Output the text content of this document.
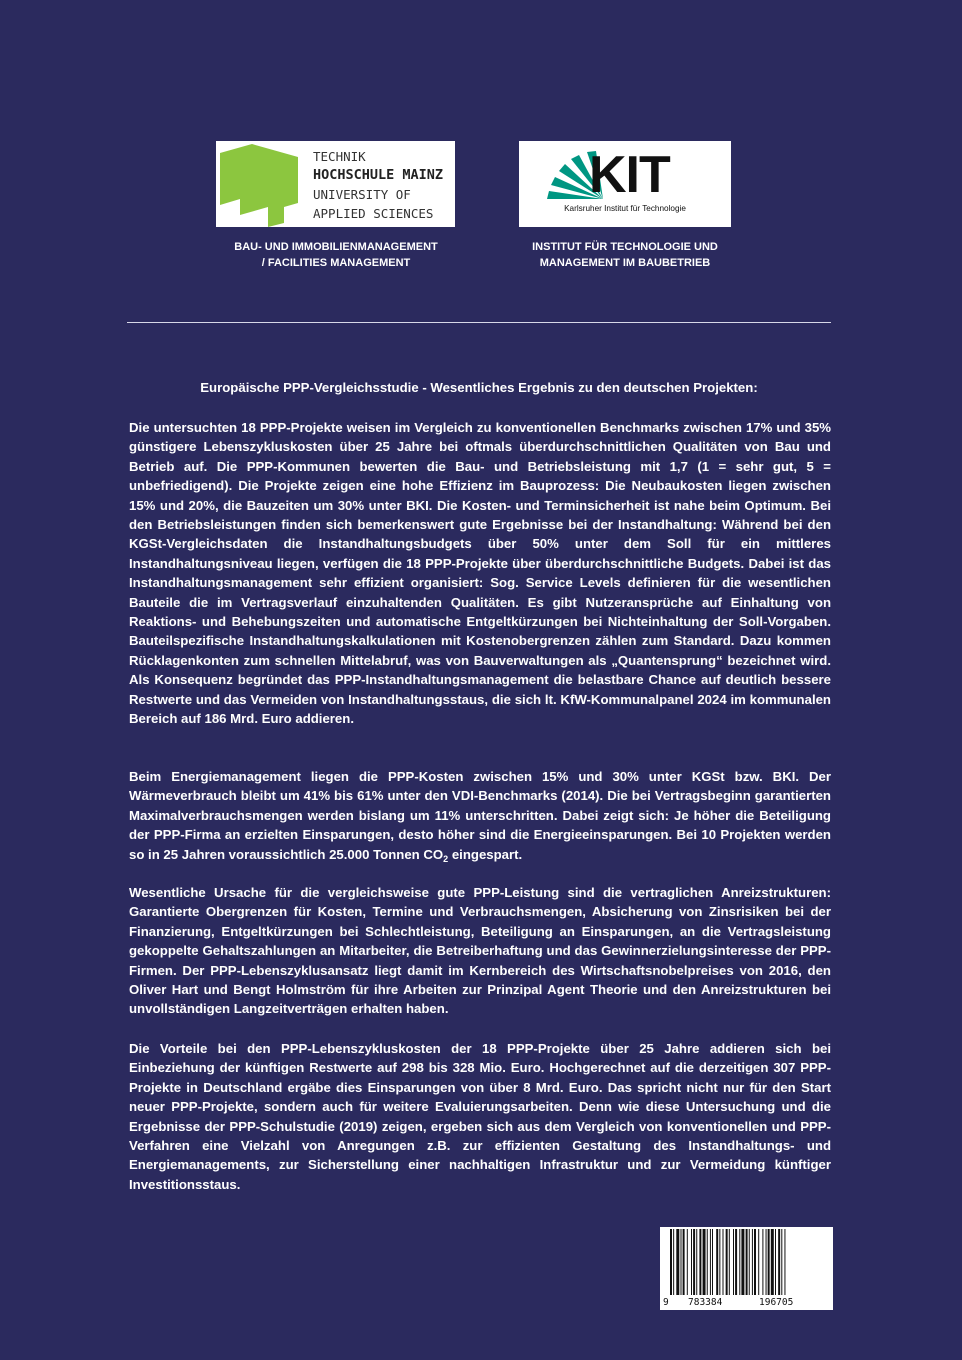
TECHNIK
HOCHSCHULE MAINZ
UNIVERSITY OF
APPLIED SCIENCES
KIT
Karlsruher Institut für Technologie
BAU- UND IMMOBILIENMANAGEMENT
/ FACILITIES MANAGEMENT
INSTITUT FÜR TECHNOLOGIE UND
MANAGEMENT IM BAUBETRIEB
Europäische PPP-Vergleichsstudie - Wesentliches Ergebnis zu den deutschen Projekten:

Die untersuchten 18 PPP-Projekte weisen im Vergleich zu konventionellen Benchmarks zwischen 17% und 35% günstigere Lebenszykluskosten über 25 Jahre bei oftmals überdurchschnittlichen Qualitäten von Bau und Betrieb auf. Die PPP-Kommunen bewerten die Bau- und Betriebsleistung mit 1,7 (1 = sehr gut, 5 = unbefriedigend). Die Projekte zeigen eine hohe Effizienz im Bauprozess: Die Neubaukosten liegen zwischen 15% und 20%, die Bauzeiten um 30% unter BKI. Die Kosten- und Terminsicherheit ist nahe beim Optimum. Bei den Betriebsleistungen finden sich bemerkenswert gute Ergebnisse bei der Instandhaltung: Während bei den KGSt-Vergleichsdaten die Instandhaltungsbudgets über 50% unter dem Soll für ein mittleres Instandhaltungsniveau liegen, verfügen die 18 PPP-Projekte über überdurchschnittliche Budgets. Dabei ist das Instandhaltungsmanagement sehr effizient organisiert: Sog. Service Levels definieren für die wesentlichen Bauteile die im Vertragsverlauf einzuhaltenden Qualitäten. Es gibt Nutzeransprüche auf Einhaltung von Reaktions- und Behebungszeiten und automatische Entgeltkürzungen bei Nichteinhaltung der Soll-Vorgaben. Bauteilspezifische Instandhaltungskalkulationen mit Kostenobergrenzen zählen zum Standard. Dazu kommen Rücklagenkonten zum schnellen Mittelabruf, was von Bauverwaltungen als „Quantensprung“ bezeichnet wird. Als Konsequenz begründet das PPP-Instandhaltungsmanagement die belastbare Chance auf deutlich bessere Restwerte und das Vermeiden von Instandhaltungsstaus, die sich lt. KfW-Kommunalpanel 2024 im kommunalen Bereich auf 186 Mrd. Euro addieren.

Beim Energiemanagement liegen die PPP-Kosten zwischen 15% und 30% unter KGSt bzw. BKI. Der Wärmeverbrauch bleibt um 41% bis 61% unter den VDI-Benchmarks (2014). Die bei Vertragsbeginn garantierten Maximalverbrauchsmengen werden bislang um 11% unterschritten. Dabei zeigt sich: Je höher die Beteiligung der PPP-Firma an erzielten Einsparungen, desto höher sind die Energieeinsparungen. Bei 10 Projekten werden so in 25 Jahren voraussichtlich 25.000 Tonnen $CO_2$ eingespart.

Wesentliche Ursache für die vergleichsweise gute PPP-Leistung sind die vertraglichen Anreizstrukturen: Garantierte Obergrenzen für Kosten, Termine und Verbrauchsmengen, Absicherung von Zinsrisiken bei der Finanzierung, Entgeltkürzungen bei Schlechtleistung, Beteiligung an Einsparungen, an die Vertragsleistung gekoppelte Gehaltszahlungen an Mitarbeiter, die Betreiberhaftung und das Gewinnerzielungsinteresse der PPP-Firmen. Der PPP-Lebenszyklusansatz liegt damit im Kernbereich des Wirtschaftsnobelpreises von 2016, den Oliver Hart und Bengt Holmström für ihre Arbeiten zur Prinzipal Agent Theorie und den Anreizstrukturen bei unvollständigen Langzeitverträgen erhalten haben.

Die Vorteile bei den PPP-Lebenszykluskosten der 18 PPP-Projekte über 25 Jahre addieren sich bei Einbeziehung der künftigen Restwerte auf 298 bis 328 Mio. Euro. Hochgerechnet auf die derzeitigen 307 PPP-Projekte in Deutschland ergäbe dies Einsparungen von über 8 Mrd. Euro. Das spricht nicht nur für den Start neuer PPP-Projekte, sondern auch für weitere Evaluierungsarbeiten. Denn wie diese Untersuchung und die Ergebnisse der PPP-Schulstudie (2019) zeigen, ergeben sich aus dem Vergleich von konventionellen und PPP-Verfahren eine Vielzahl von Anregungen z.B. zur effizienten Gestaltung des Instandhaltungs- und Energiemanagements, zur Sicherstellung einer nachhaltigen Infrastruktur und zur Vermeidung künftiger Investitionsstaus.

9 783384	196705
